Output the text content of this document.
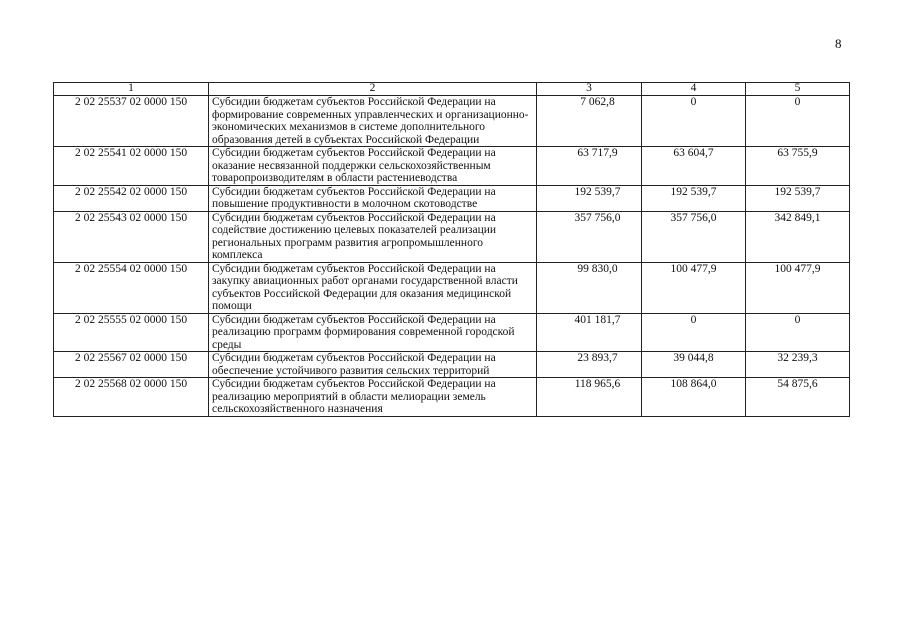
8
1	2	3	4	5
2 02 25537 02 0000 150	Субсидии бюджетам субъектов Российской Федерации на формирование современных управленческих и организационно-экономических механизмов в системе дополнительного образования детей в субъектах Российской Федерации	7 062,8	0	0
2 02 25541 02 0000 150	Субсидии бюджетам субъектов Российской Федерации на оказание несвязанной поддержки сельскохозяйственным товаропроизводителям в области растениеводства	63 717,9	63 604,7	63 755,9
2 02 25542 02 0000 150	Субсидии бюджетам субъектов Российской Федерации на повышение продуктивности в молочном скотоводстве	192 539,7	192 539,7	192 539,7
2 02 25543 02 0000 150	Субсидии бюджетам субъектов Российской Федерации на содействие достижению целевых показателей реализации региональных программ развития агропромышленного комплекса	357 756,0	357 756,0	342 849,1
2 02 25554 02 0000 150	Субсидии бюджетам субъектов Российской Федерации на закупку авиационных работ органами государственной власти субъектов Российской Федерации для оказания медицинской помощи	99 830,0	100 477,9	100 477,9
2 02 25555 02 0000 150	Субсидии бюджетам субъектов Российской Федерации на реализацию программ формирования современной городской среды	401 181,7	0	0
2 02 25567 02 0000 150	Субсидии бюджетам субъектов Российской Федерации на обеспечение устойчивого развития сельских территорий	23 893,7	39 044,8	32 239,3
2 02 25568 02 0000 150	Субсидии бюджетам субъектов Российской Федерации на реализацию мероприятий в области мелиорации земель сельскохозяйственного назначения	118 965,6	108 864,0	54 875,6
